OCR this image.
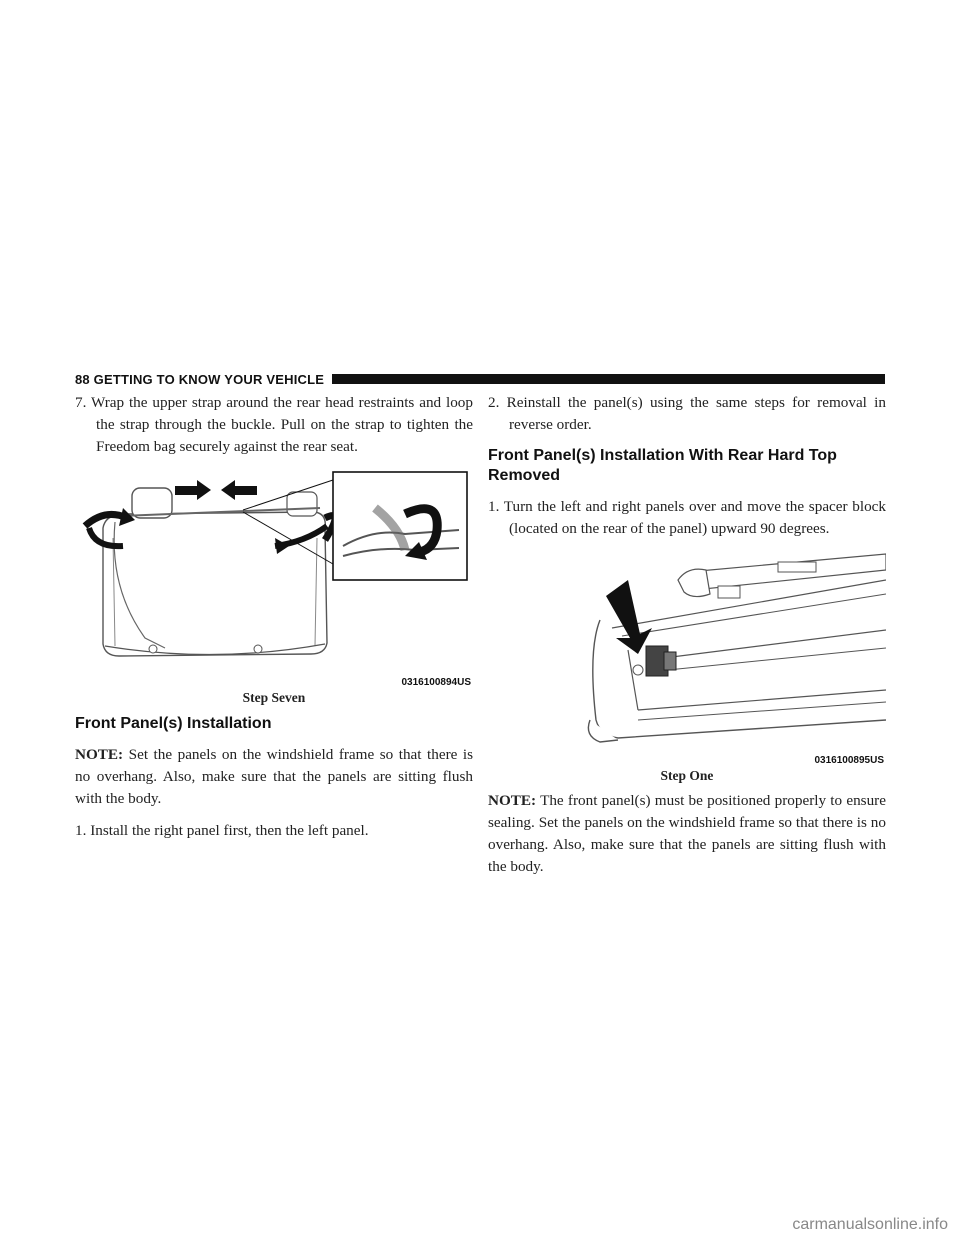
88 GETTING TO KNOW YOUR VEHICLE

7. Wrap the upper strap around the rear head restraints and loop the strap through the buckle. Pull on the strap to tighten the Freedom bag securely against the rear seat.

0316100894US

Step Seven

Front Panel(s) Installation

NOTE: Set the panels on the windshield frame so that there is no overhang. Also, make sure that the panels are sitting flush with the body.

1. Install the right panel first, then the left panel.

2. Reinstall the panel(s) using the same steps for removal in reverse order.

Front Panel(s) Installation With Rear Hard Top Removed

1. Turn the left and right panels over and move the spacer block (located on the rear of the panel) upward 90 degrees.

0316100895US

Step One

NOTE: The front panel(s) must be positioned properly to ensure sealing. Set the panels on the windshield frame so that there is no overhang. Also, make sure that the panels are sitting flush with the body.

carmanualsonline.info
